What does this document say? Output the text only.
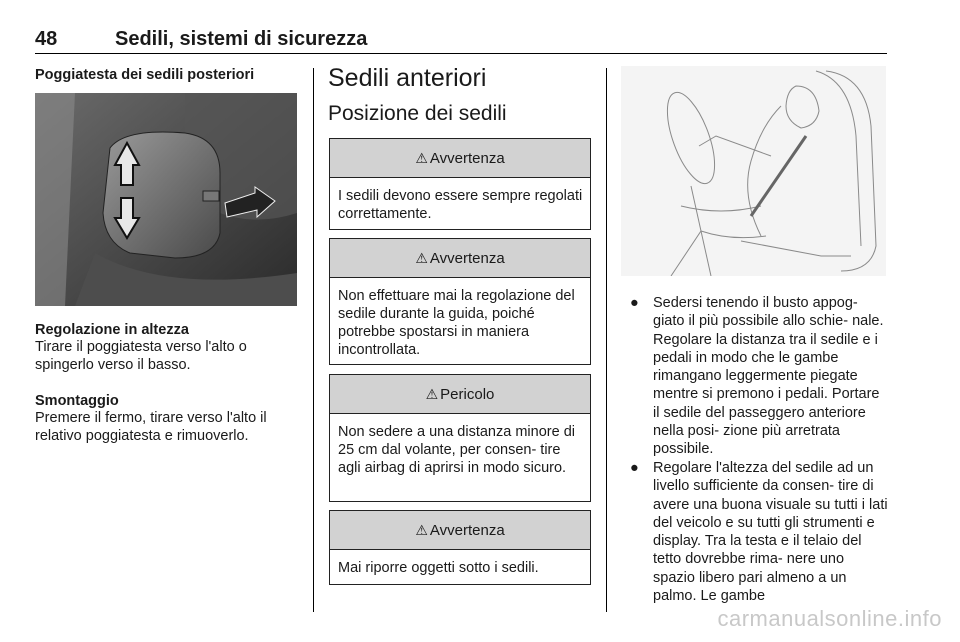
48	Sedili, sistemi di sicurezza
Poggiatesta dei sedili posteriori

Regolazione in altezza

Tirare il poggiatesta verso l'alto o spingerlo verso il basso.

Smontaggio

Premere il fermo, tirare verso l'alto il relativo poggiatesta e rimuoverlo.

Sedili anteriori
Posizione dei sedili
⚠ Avvertenza
I sedili devono essere sempre regolati correttamente.
⚠ Avvertenza
Non effettuare mai la regolazione del sedile durante la guida, poiché potrebbe spostarsi in maniera incontrollata.
⚠ Pericolo
Non sedere a una distanza minore di 25 cm dal volante, per consen- tire agli airbag di aprirsi in modo sicuro.
⚠ Avvertenza
Mai riporre oggetti sotto i sedili.
● Sedersi tenendo il busto appog- giato il più possibile allo schie- nale. Regolare la distanza tra il sedile e i pedali in modo che le gambe rimangano leggermente piegate mentre si premono i pedali. Portare il sedile del passeggero anteriore nella posi- zione più arretrata possibile.
● Regolare l'altezza del sedile ad un livello sufficiente da consen- tire di avere una buona visuale su tutti i lati del veicolo e su tutti gli strumenti e display. Tra la testa e il telaio del tetto dovrebbe rima- nere uno spazio libero pari almeno a un palmo. Le gambe
carmanualsonline.info
